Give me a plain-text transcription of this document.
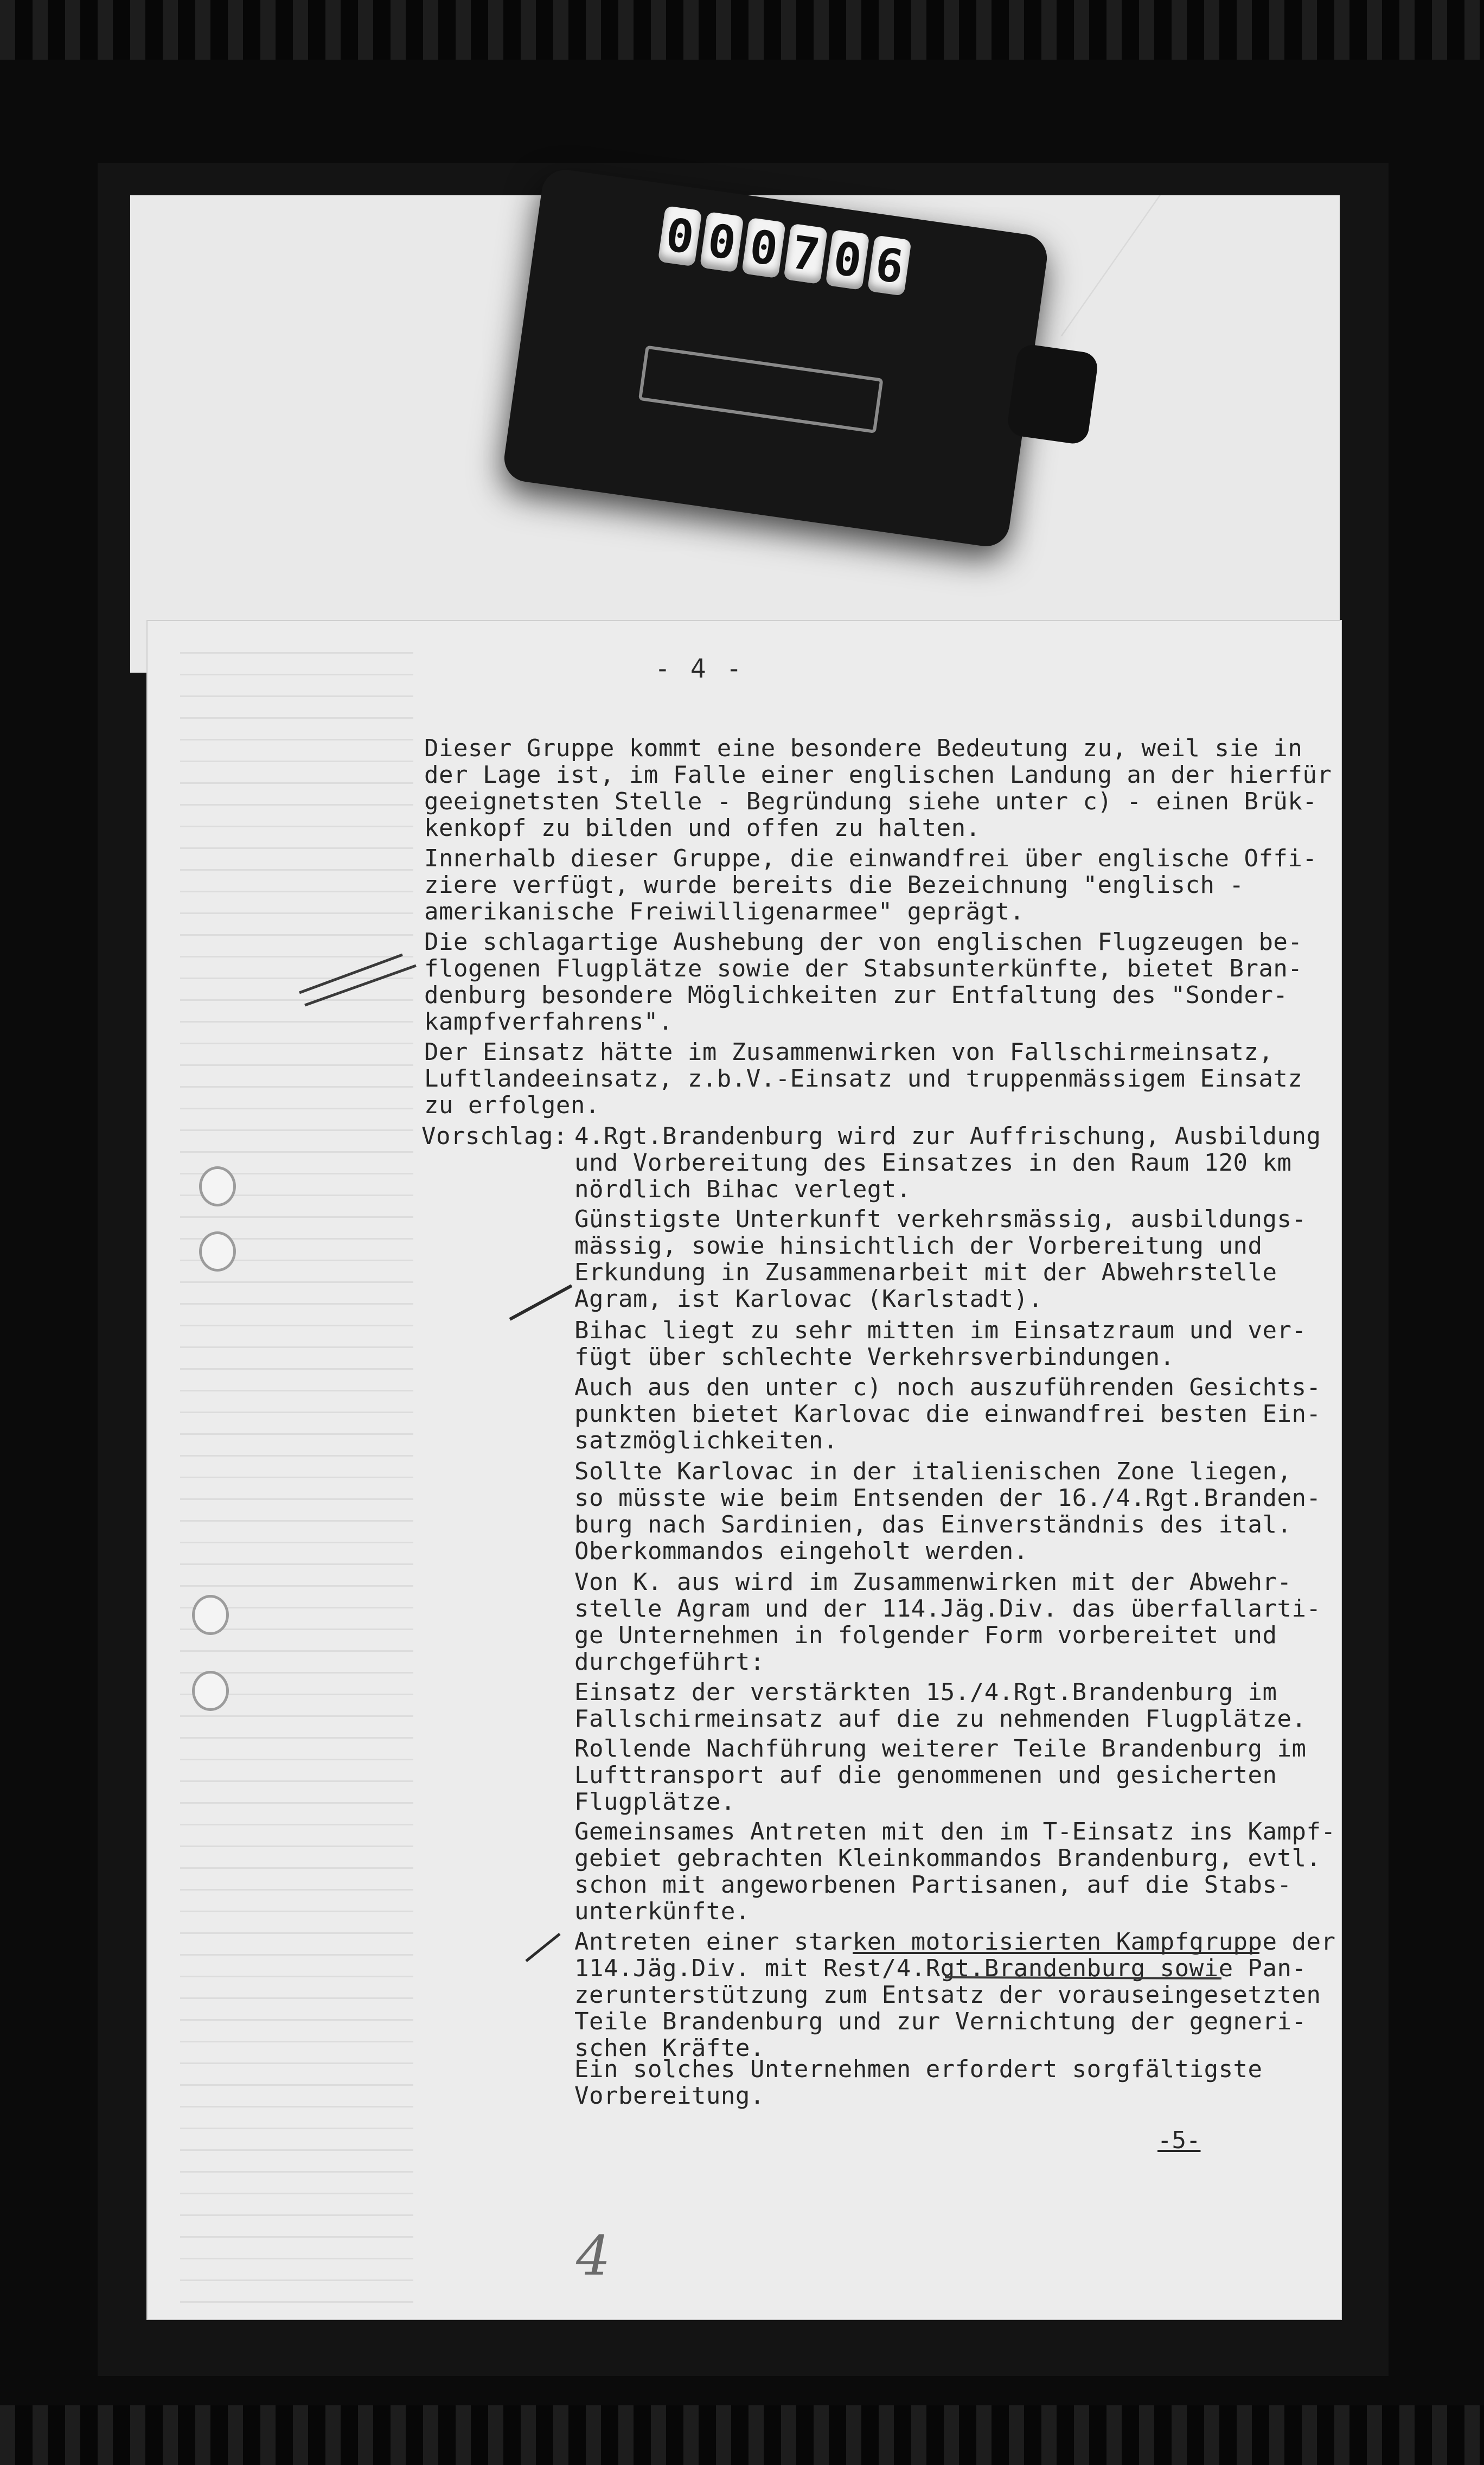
0 0 0 7 0 6
- 4 -
Dieser Gruppe kommt eine besondere Bedeutung zu, weil sie in
der Lage ist, im Falle einer englischen Landung an der hierfür
geeignetsten Stelle - Begründung siehe unter c) - einen Brük-
kenkopf zu bilden und offen zu halten.
Innerhalb dieser Gruppe, die einwandfrei über englische Offi-
ziere verfügt, wurde bereits die Bezeichnung "englisch -
amerikanische Freiwilligenarmee" geprägt.
Die schlagartige Aushebung der von englischen Flugzeugen be-
flogenen Flugplätze sowie der Stabsunterkünfte, bietet Bran-
denburg besondere Möglichkeiten zur Entfaltung des "Sonder-
kampfverfahrens".
Der Einsatz hätte im Zusammenwirken von Fallschirmeinsatz,
Luftlandeeinsatz, z.b.V.-Einsatz und truppenmässigem Einsatz
zu erfolgen.
Vorschlag: 4.Rgt.Brandenburg wird zur Auffrischung, Ausbildung
und Vorbereitung des Einsatzes in den Raum 120 km
nördlich Bihac verlegt.
Günstigste Unterkunft verkehrsmässig, ausbildungs-
mässig, sowie hinsichtlich der Vorbereitung und
Erkundung in Zusammenarbeit mit der Abwehrstelle
Agram, ist Karlovac (Karlstadt).
Bihac liegt zu sehr mitten im Einsatzraum und ver-
fügt über schlechte Verkehrsverbindungen.
Auch aus den unter c) noch auszuführenden Gesichts-
punkten bietet Karlovac die einwandfrei besten Ein-
satzmöglichkeiten.
Sollte Karlovac in der italienischen Zone liegen,
so müsste wie beim Entsenden der 16./4.Rgt.Branden-
burg nach Sardinien, das Einverständnis des ital.
Oberkommandos eingeholt werden.
Von K. aus wird im Zusammenwirken mit der Abwehr-
stelle Agram und der 114.Jäg.Div. das überfallarti-
ge Unternehmen in folgender Form vorbereitet und
durchgeführt:
Einsatz der verstärkten 15./4.Rgt.Brandenburg im
Fallschirmeinsatz auf die zu nehmenden Flugplätze.
Rollende Nachführung weiterer Teile Brandenburg im
Lufttransport auf die genommenen und gesicherten
Flugplätze.
Gemeinsames Antreten mit den im T-Einsatz ins Kampf-
gebiet gebrachten Kleinkommandos Brandenburg, evtl.
schon mit angeworbenen Partisanen, auf die Stabs-
unterkünfte.
Antreten einer starken motorisierten Kampfgruppe der
114.Jäg.Div. mit Rest/4.Rgt.Brandenburg sowie Pan-
zerunterstützung zum Entsatz der vorauseingesetzten
Teile Brandenburg und zur Vernichtung der gegneri-
schen Kräfte.
Ein solches Unternehmen erfordert sorgfältigste
Vorbereitung.
-5-
4
